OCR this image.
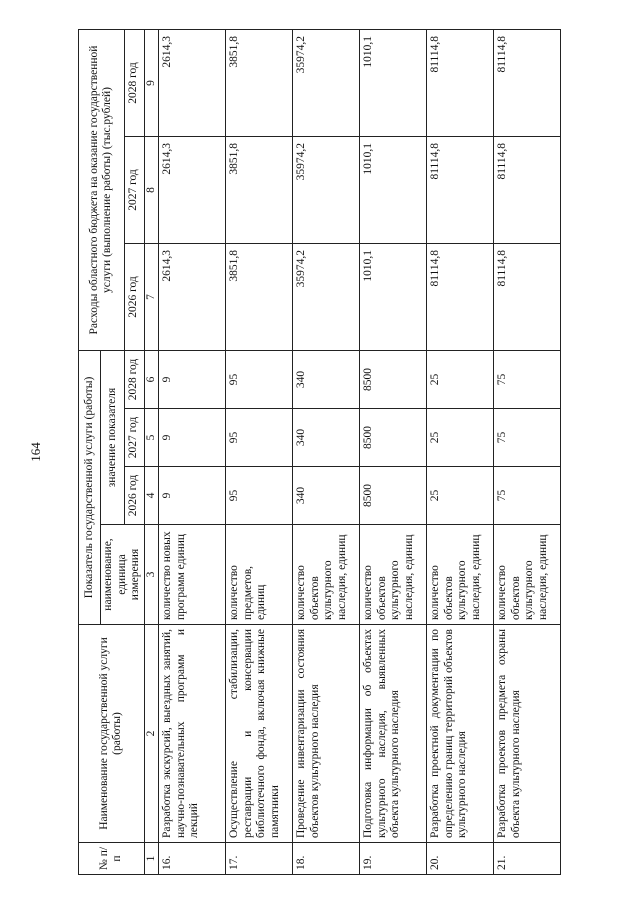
164
№ п/п	Наименование государственной услуги (работы)	Показатель государственной услуги (работы)				Расходы областного бюджета на оказание государственной услуги (выполнение работы) (тыс.рублей)		
		наименование, единица измерения	значение показателя					
			2026 год	2027 год	2028 год	2026 год	2027 год	2028 год
1	2	3	4	5	6	7	8	9
16.	Разработка экскурсий, выездных занятий, научно-познавательных программ и лекций	количество новых программ единиц	9	9	9	2614,3	2614,3	2614,3
17.	Осуществление стабилизации, реставрации и консервации библиотечного фонда, включая книжные памятники	количество предметов, единиц	95	95	95	3851,8	3851,8	3851,8
18.	Проведение инвентаризации состояния объектов культурного наследия	количество объектов культурного наследия, единиц	340	340	340	35974,2	35974,2	35974,2
19.	Подготовка информации об объектах культурного наследия, выявленных объекта культурного наследия	количество объектов культурного наследия, единиц	8500	8500	8500	1010,1	1010,1	1010,1
20.	Разработка проектной документации по определению границ территорий объектов культурного наследия	количество объектов культурного наследия, единиц	25	25	25	81114,8	81114,8	81114,8
21.	Разработка проектов предмета охраны объекта культурного наследия	количество объектов культурного наследия, единиц	75	75	75	81114,8	81114,8	81114,8
